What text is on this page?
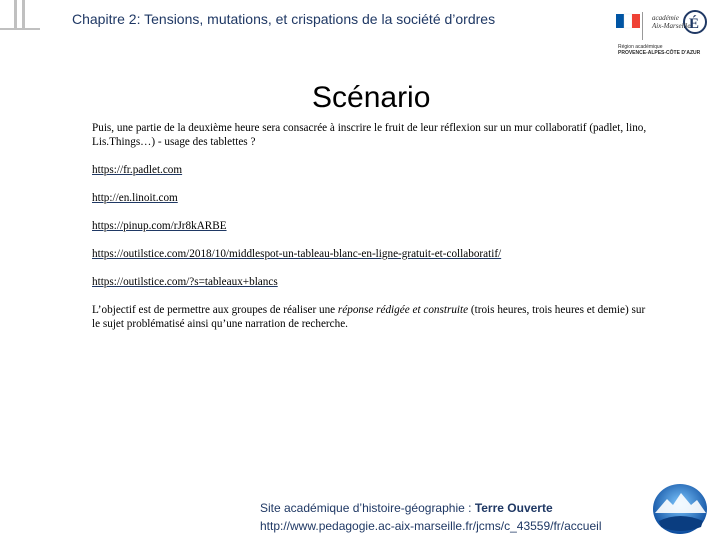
Chapitre 2: Tensions, mutations, et crispations de la société d’ordres	É
académie
Aix-Marseille
Région académique
PROVENCE-ALPES-CÔTE D’AZUR
Scénario

Puis, une partie de la deuxième heure sera consacrée à inscrire le fruit de leur réflexion sur un mur collaboratif (padlet, lino, Lis.Things…) - usage des tablettes ?

https://fr.padlet.com

http://en.linoit.com

https://pinup.com/rJr8kARBE

https://outilstice.com/2018/10/middlespot-un-tableau-blanc-en-ligne-gratuit-et-collaboratif/

https://outilstice.com/?s=tableaux+blancs

L’objectif est de permettre aux groupes de réaliser une réponse rédigée et construite (trois heures, trois heures et demie) sur le sujet problématisé ainsi qu’une narration de recherche.

Site académique d’histoire-géographie : Terre Ouverte
http://www.pedagogie.ac-aix-marseille.fr/jcms/c_43559/fr/accueil
